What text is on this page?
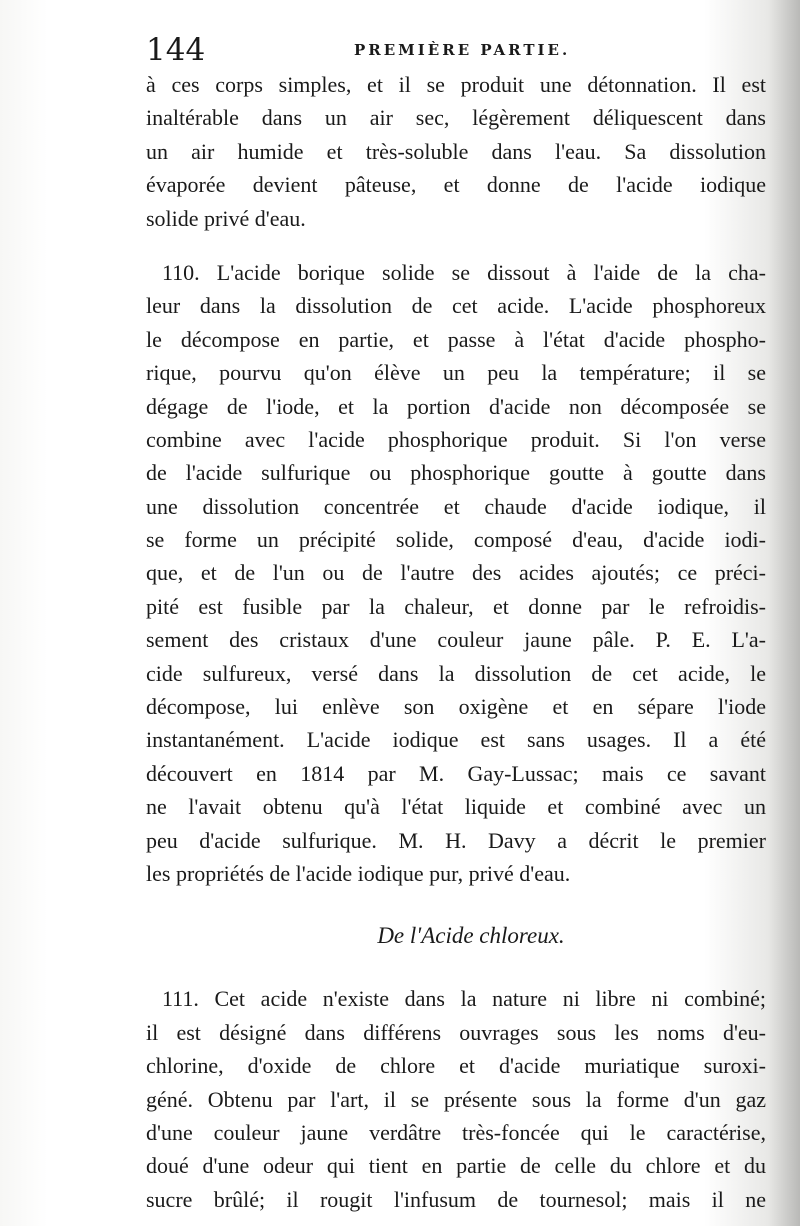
144	PREMIÈRE PARTIE.
à ces corps simples, et il se produit une détonnation. Il est
inaltérable dans un air sec, légèrement déliquescent dans
un air humide et très-soluble dans l'eau. Sa dissolution
évaporée devient pâteuse, et donne de l'acide iodique
solide privé d'eau.
110. L'acide borique solide se dissout à l'aide de la cha-
leur dans la dissolution de cet acide. L'acide phosphoreux
le décompose en partie, et passe à l'état d'acide phospho-
rique, pourvu qu'on élève un peu la température; il se
dégage de l'iode, et la portion d'acide non décomposée se
combine avec l'acide phosphorique produit. Si l'on verse
de l'acide sulfurique ou phosphorique goutte à goutte dans
une dissolution concentrée et chaude d'acide iodique, il
se forme un précipité solide, composé d'eau, d'acide iodi-
que, et de l'un ou de l'autre des acides ajoutés; ce préci-
pité est fusible par la chaleur, et donne par le refroidis-
sement des cristaux d'une couleur jaune pâle. P. E. L'a-
cide sulfureux, versé dans la dissolution de cet acide, le
décompose, lui enlève son oxigène et en sépare l'iode
instantanément. L'acide iodique est sans usages. Il a été
découvert en 1814 par M. Gay-Lussac; mais ce savant
ne l'avait obtenu qu'à l'état liquide et combiné avec un
peu d'acide sulfurique. M. H. Davy a décrit le premier
les propriétés de l'acide iodique pur, privé d'eau.
De l'Acide chloreux.
111. Cet acide n'existe dans la nature ni libre ni combiné;
il est désigné dans différens ouvrages sous les noms d'eu-
chlorine, d'oxide de chlore et d'acide muriatique suroxi-
géné. Obtenu par l'art, il se présente sous la forme d'un gaz
d'une couleur jaune verdâtre très-foncée qui le caractérise,
doué d'une odeur qui tient en partie de celle du chlore et du
sucre brûlé; il rougit l'infusum de tournesol; mais il ne
